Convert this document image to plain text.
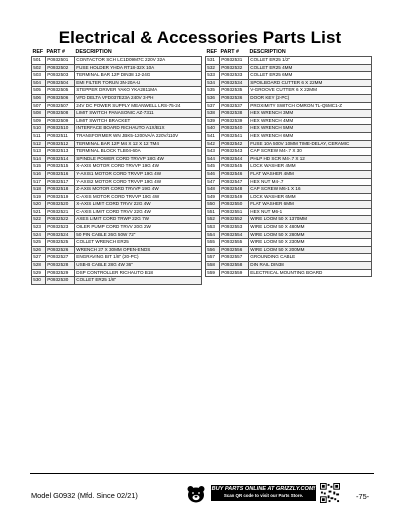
Electrical & Accessories Parts List
REF	PART #	DESCRIPTION
501	P0932501	CONTACTOR SCH LC1D09M7C 220V 32A
502	P0932502	FUSE HOLDER YHDA RT18-32X 10A
503	P0932503	TERMINAL BAR 12P DIN38 12-24G
504	P0932504	EMI FILTER TORUN 3N-20A-U
505	P0932505	STEPPER DRIVER YAKO YKA2811MA
506	P0932506	VFD DELTA VFD037E23A 240V 3-PH
507	P0932507	24V DC POWER SUPPLY MEANWELL LRS-75-24
508	P0932508	LIMIT SWITCH PANASONIC AZ-7311
509	P0932509	LIMIT SWITCH BRACKET
510	P0932510	INTERFACE BOARD RICHAUTO A1X/B1X
511	P0932511	TRANSFORMER WN JBK5-1200VA/A 220V/110V
512	P0932512	TERMINAL BAR 12P M4 X 12 X 12 TM4
513	P0932513	TERMINAL BLOCK TLB04-60A
514	P0932514	SPINDLE POWER CORD TRVVP 18G 4W
515	P0932515	X-AXIS MOTOR CORD TRVVP 19G 4W
516	P0932516	Y-AXIS1 MOTOR CORD TRVVP 19G 4W
517	P0932517	Y-AXIS2 MOTOR CORD TRVVP 19G 4W
518	P0932518	Z-AXIS MOTOR CORD TRVVP 19G 4W
519	P0932519	C-AXIS MOTOR CORD TRVVP 19G 4W
520	P0932520	X-AXIS LIMIT CORD TRVV 22G 4W
521	P0932521	C-AXIS LIMIT CORD TRVV 22G 4W
522	P0932522	AXES LIMIT CORD TRWP 22G 7W
523	P0932523	OILER PUMP CORD TRVV 20G 2W
524	P0932524	50 PIN CABLE 26G 50W 72"
525	P0932525	COLLET WRENCH ER25
526	P0932526	WRENCH 27 X 30MM OPEN-ENDS
527	P0932527	ENGRAVING BIT 1/8" (20-PC)
528	P0932528	USB-B CABLE 28G 4W 36"
529	P0932529	DSP CONTROLLER RICHAUTO B18
530	P0932530	COLLET ER25 1/8"
REF	PART #	DESCRIPTION
531	P0932531	COLLET ER25 1/2"
532	P0932532	COLLET ER25 4MM
533	P0932533	COLLET ER25 6MM
534	P0932534	SPOILBOARD CUTTER 6 X 22MM
535	P0932535	V-GROOVE CUTTER 6 X 22MM
536	P0932536	DOOR KEY (2-PC)
537	P0932537	PROXIMITY SWITCH OMRON TL-Q5MC1-Z
538	P0932538	HEX WRENCH 3MM
539	P0932539	HEX WRENCH 4MM
540	P0932540	HEX WRENCH 5MM
541	P0932541	HEX WRENCH 6MM
542	P0932542	FUSE 10A 500V 10MM TIME-DELAY, CERAMIC
543	P0932543	CAP SCREW M4-.7 X 30
544	P0932544	PHLP HD SCR M4-.7 X 12
545	P0932545	LOCK WASHER 4MM
546	P0932546	FLAT WASHER 4MM
547	P0932547	HEX NUT M4-.7
548	P0932548	CAP SCREW M6-1 X 16
549	P0932549	LOCK WASHER 6MM
550	P0932550	FLAT WASHER 6MM
551	P0932551	HEX NUT M6-1
552	P0932552	WIRE LOOM 50 X 1370MM
553	P0932553	WIRE LOOM 50 X 480MM
554	P0932554	WIRE LOOM 50 X 280MM
555	P0932555	WIRE LOOM 50 X 230MM
556	P0932556	WIRE LOOM 50 X 200MM
557	P0932557	GROUNDING CABLE
558	P0932558	DIN RAIL DIN38
559	P0932559	ELECTRICAL MOUNTING BOARD
Model G0932 (Mfd. Since 02/21)
BUY PARTS ONLINE AT GRIZZLY.COM!
Scan QR code to visit our Parts Store.	-75-
